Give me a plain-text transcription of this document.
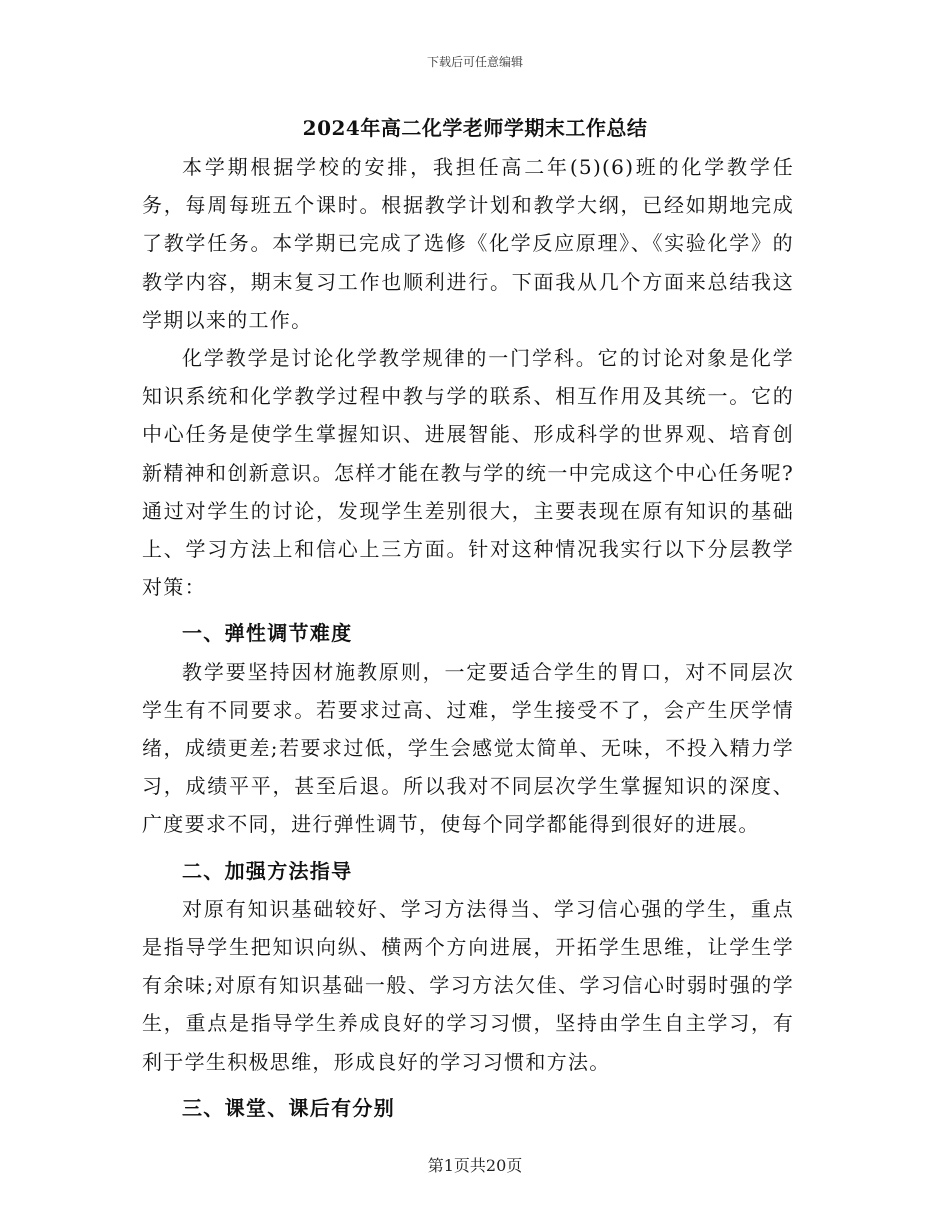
下载后可任意编辑
2024年高二化学老师学期末工作总结

本学期根据学校的安排，我担任高二年(5)(6)班的化学教学任务，每周每班五个课时。根据教学计划和教学大纲，已经如期地完成了教学任务。本学期已完成了选修《化学反应原理》、《实验化学》的教学内容，期末复习工作也顺利进行。下面我从几个方面来总结我这学期以来的工作。

化学教学是讨论化学教学规律的一门学科。它的讨论对象是化学知识系统和化学教学过程中教与学的联系、相互作用及其统一。它的中心任务是使学生掌握知识、进展智能、形成科学的世界观、培育创新精神和创新意识。怎样才能在教与学的统一中完成这个中心任务呢?通过对学生的讨论，发现学生差别很大，主要表现在原有知识的基础上、学习方法上和信心上三方面。针对这种情况我实行以下分层教学对策：

一、弹性调节难度

教学要坚持因材施教原则，一定要适合学生的胃口，对不同层次学生有不同要求。若要求过高、过难，学生接受不了，会产生厌学情绪，成绩更差;若要求过低，学生会感觉太简单、无味，不投入精力学习，成绩平平，甚至后退。所以我对不同层次学生掌握知识的深度、广度要求不同，进行弹性调节，使每个同学都能得到很好的进展。

二、加强方法指导

对原有知识基础较好、学习方法得当、学习信心强的学生，重点是指导学生把知识向纵、横两个方向进展，开拓学生思维，让学生学有余味;对原有知识基础一般、学习方法欠佳、学习信心时弱时强的学生，重点是指导学生养成良好的学习习惯，坚持由学生自主学习，有利于学生积极思维，形成良好的学习习惯和方法。

三、课堂、课后有分别

第1页共20页
